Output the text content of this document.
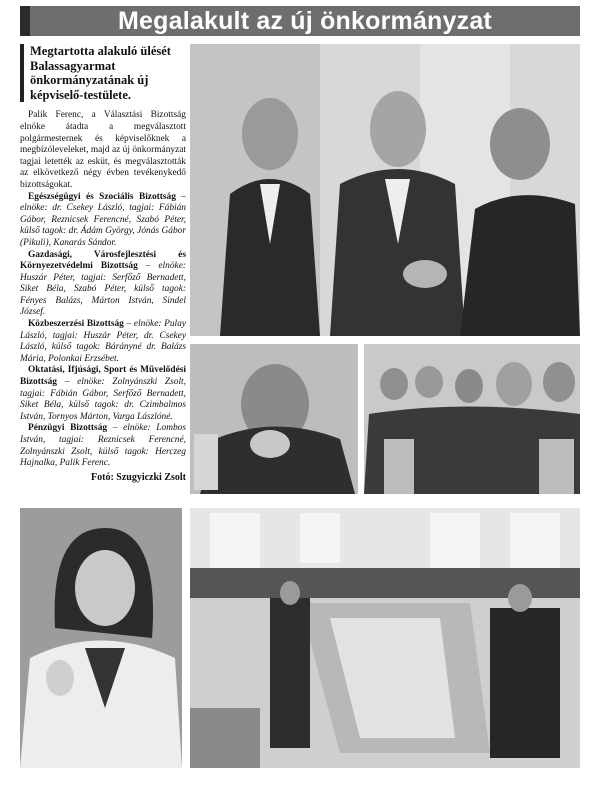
Megalakult az új önkormányzat
Megtartotta alakuló ülését Balassagyarmat önkormányzatának új képviselő-testülete.

Palik Ferenc, a Választási Bizottság elnöke átadta a megválasztott polgármesternek és képviselőknek a megbízóleveleket, majd az új önkormányzat tagjai letették az esküt, és megválasztották az elkövetkező négy évben tevékenykedő bizottságokat.

Egészségügyi és Szociális Bizottság – elnöke: dr. Csekey László, tagjai: Fábián Gábor, Reznicsek Ferencné, Szabó Péter, külső tagok: dr. Ádám György, Jónás Gábor (Pikuli), Kanarás Sándor.

Gazdasági, Városfejlesztési és Környezetvédelmi Bizottság – elnöke: Huszár Péter, tagjai: Serfőző Bernadett, Siket Béla, Szabó Péter, külső tagok: Fényes Balázs, Márton István, Sindel József.

Közbeszerzési Bizottság – elnöke: Pulay László, tagjai: Huszár Péter, dr. Csekey László, külső tagok: Bárányné dr. Balázs Mária, Polonkai Erzsébet.

Oktatási, Ifjúsági, Sport és Művelődési Bizottság – elnöke: Zolnyánszki Zsolt, tagjai: Fábián Gábor, Serfőző Bernadett, Siket Béla, külső tagok: dr. Czimbalmos István, Tornyos Márton, Varga Lászlóné.

Pénzügyi Bizottság – elnöke: Lombos István, tagjai: Reznicsek Ferencné, Zolnyánszki Zsolt, külső tagok: Herczeg Hajnalka, Palik Ferenc.

Fotó: Szugyiczki Zsolt
